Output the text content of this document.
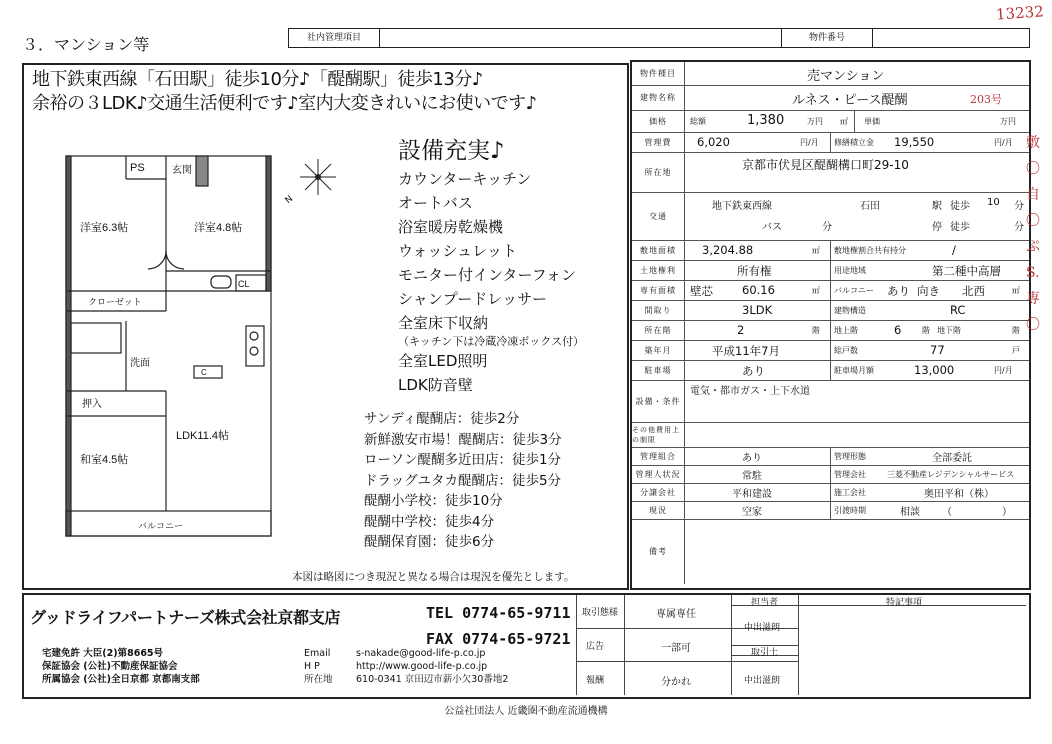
３．マンション等	社内管理項目	物件番号
13232
地下鉄東西線「石田駅」徒歩10分♪「醍醐駅」徒歩13分♪
余裕の３LDK♪交通生活便利です♪室内大変きれいにお使いです♪
PS	玄関
洋室6.3帖	洋室4.8帖
クローゼット
CL
洗面
押入
和室4.5帖
LDK11.4帖
C
バルコニー
N
設備充実♪
カウンターキッチン
オートバス
浴室暖房乾燥機
ウォッシュレット
モニター付インターフォン
シャンプードレッサー
全室床下収納
（キッチン下は冷蔵冷凍ボックス付）
全室LED照明
LDK防音壁
サンディ醍醐店：徒歩2分
新鮮激安市場！醍醐店：徒歩3分
ローソン醍醐多近田店：徒歩1分
ドラッグユタカ醍醐店：徒歩5分
醍醐小学校：徒歩10分
醍醐中学校：徒歩4分
醍醐保育園：徒歩6分
本図は略図につき現況と異なる場合は現況を優先とします。
物件種目	売マンション
建物名称	ルネス・ピース醍醐	203号
価格	総額	1,380	万円 ㎡ 単価	万円
管理費	6,020	円/月 修繕積立金 19,550	円/月
所在地	京都市伏見区醍醐構口町29-10
交通
地下鉄東西線	石田	駅 徒歩 10 分
バス	分	停 徒歩	分
敷地面積	3,204.88	㎡ 敷地権割合共有持分	/
土地権利	所有権	用途地域	第二種中高層
専有面積	壁芯	60.16	㎡ バルコニー あり 向き 北西	㎡
間取り	3LDK	建物構造	RC
所在階	2	階 地上階	6	階 地下階	階
築年月	平成11年7月	総戸数	77	戸
駐車場	あり	駐車場月額	13,000	円/月
設備・条件
電気・都市ガス・上下水道
その他費用上の制限
管理組合	あり	管理形態	全部委託
管理人状況	常駐	管理会社	三菱不動産レジデンシャルサービス
分譲会社	平和建設	施工会社	奥田平和（株）
現況	空家	引渡時期	相談 （　　　　　）
備考
敷〇自〇ぷS. 専〇
グッドライフパートナーズ株式会社京都支店	TEL 0774-65-9711
FAX 0774-65-9721
宅建免許 大臣(2)第8665号
保証協会 (公社)不動産保証協会
所属協会 (公社)全日京都 京都南支部
Email	s-nakade@good-life-p.co.jp
H P	http://www.good-life-p.co.jp
所在地 610-0341 京田辺市薪小欠30番地2
取引態様	専属専任
広告	一部可
報酬	分かれ
担当者
中出滋朗
取引士
中出滋朗
特記事項
公益社団法人 近畿圏不動産流通機構
